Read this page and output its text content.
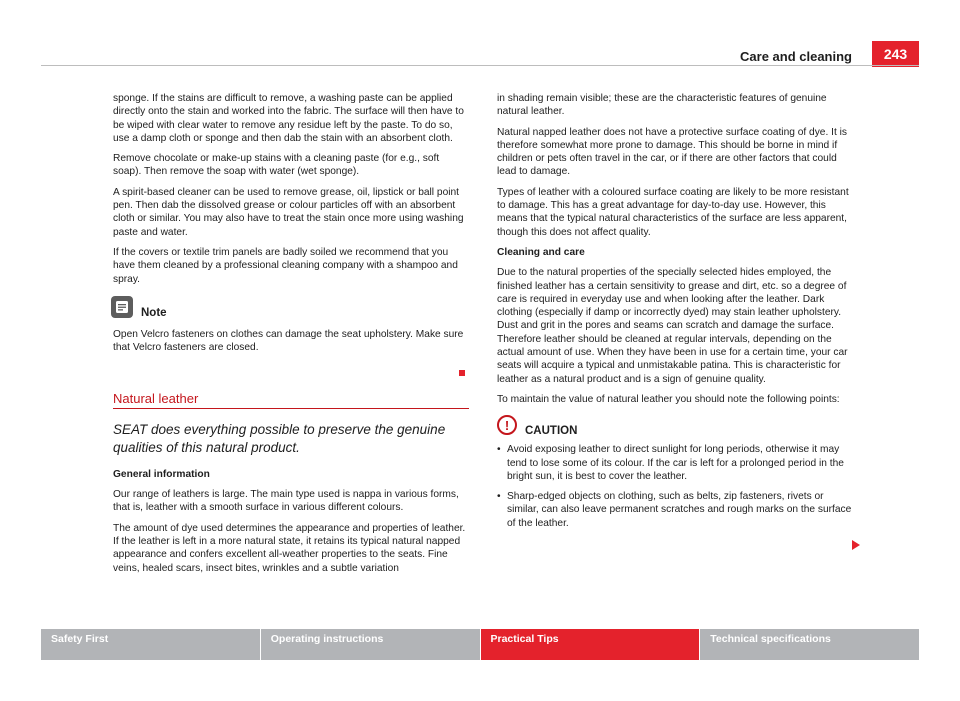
Care and cleaning	243

sponge. If the stains are difficult to remove, a washing paste can be applied directly onto the stain and worked into the fabric. The surface will then have to be wiped with clear water to remove any residue left by the paste. To do so, use a damp cloth or sponge and then dab the stain with an absorbent cloth.

Remove chocolate or make-up stains with a cleaning paste (for e.g., soft soap). Then remove the soap with water (wet sponge).

A spirit-based cleaner can be used to remove grease, oil, lipstick or ball point pen. Then dab the dissolved grease or colour particles off with an absorbent cloth or similar. You may also have to treat the stain once more using washing paste and water.

If the covers or textile trim panels are badly soiled we recommend that you have them cleaned by a professional cleaning company with a shampoo and spray.

Note

Open Velcro fasteners on clothes can damage the seat upholstery. Make sure that Velcro fasteners are closed.

Natural leather
SEAT does everything possible to preserve the genuine qualities of this natural product.

General information

Our range of leathers is large. The main type used is nappa in various forms, that is, leather with a smooth surface in various different colours.

The amount of dye used determines the appearance and properties of leather. If the leather is left in a more natural state, it retains its typical natural napped appearance and confers excellent all-weather properties to the seats. Fine veins, healed scars, insect bites, wrinkles and a subtle variation

in shading remain visible; these are the characteristic features of genuine natural leather.

Natural napped leather does not have a protective surface coating of dye. It is therefore somewhat more prone to damage. This should be borne in mind if children or pets often travel in the car, or if there are other factors that could lead to damage.

Types of leather with a coloured surface coating are likely to be more resistant to damage. This has a great advantage for day-to-day use. However, this means that the typical natural characteristics of the surface are less apparent, though this does not affect quality.

Cleaning and care

Due to the natural properties of the specially selected hides employed, the finished leather has a certain sensitivity to grease and dirt, etc. so a degree of care is required in everyday use and when looking after the leather. Dark clothing (especially if damp or incorrectly dyed) may stain leather upholstery. Dust and grit in the pores and seams can scratch and damage the surface. Therefore leather should be cleaned at regular intervals, depending on the actual amount of use. When they have been in use for a certain time, your car seats will acquire a typical and unmistakable patina. This is characteristic for leather as a natural product and is a sign of genuine quality.

To maintain the value of natural leather you should note the following points:

!	CAUTION

• Avoid exposing leather to direct sunlight for long periods, otherwise it may tend to lose some of its colour. If the car is left for a prolonged period in the bright sun, it is best to cover the leather.

• Sharp-edged objects on clothing, such as belts, zip fasteners, rivets or similar, can also leave permanent scratches and rough marks on the surface of the leather.

Safety First	Operating instructions	Practical Tips	Technical specifications
